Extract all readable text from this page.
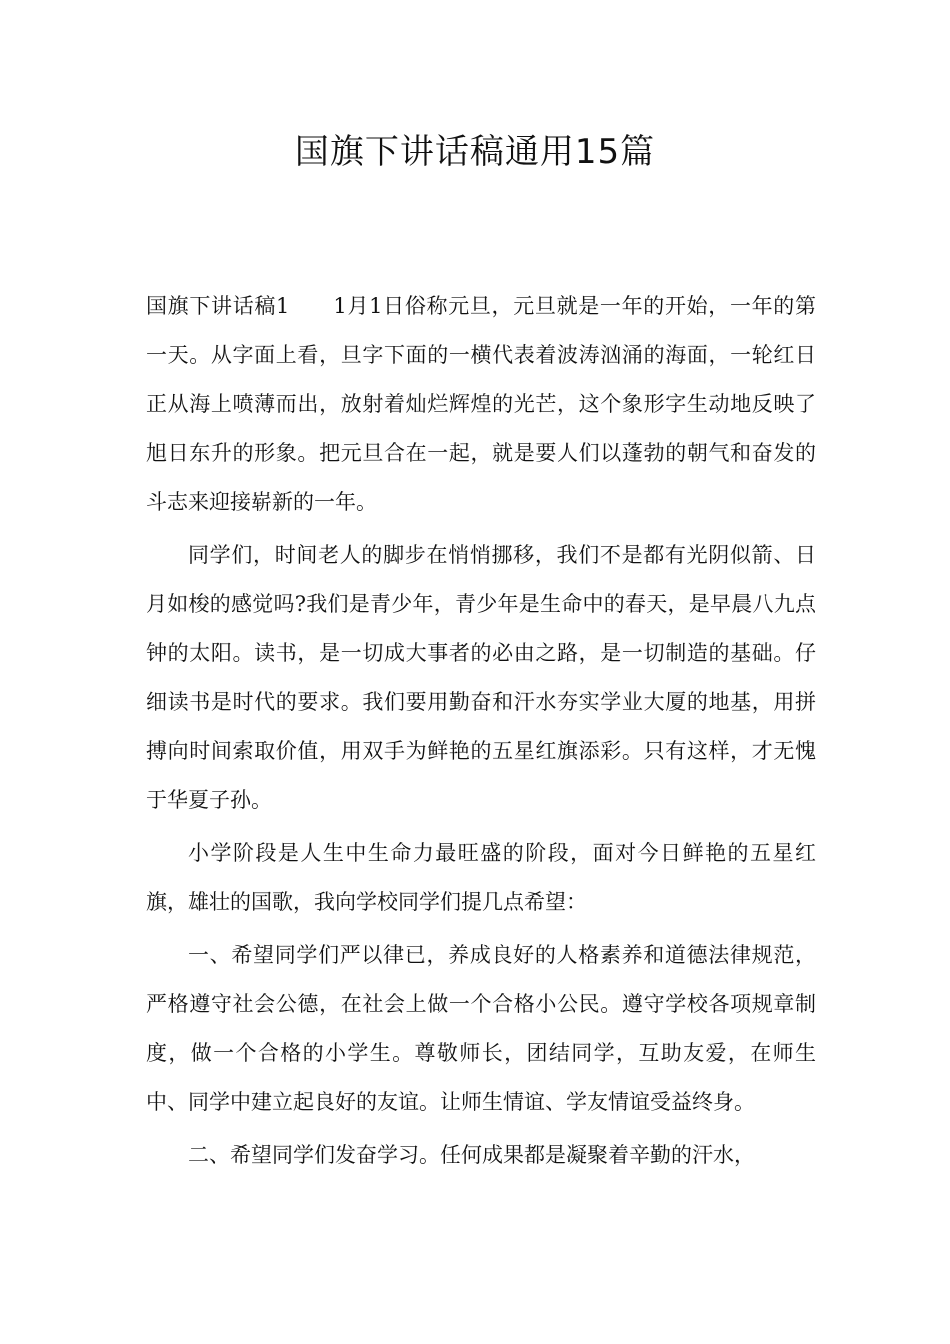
国旗下讲话稿通用15篇

国旗下讲话稿1　　1月1日俗称元旦，元旦就是一年的开始，一年的第一天。从字面上看，旦字下面的一横代表着波涛汹涌的海面，一轮红日正从海上喷薄而出，放射着灿烂辉煌的光芒，这个象形字生动地反映了旭日东升的形象。把元旦合在一起，就是要人们以蓬勃的朝气和奋发的斗志来迎接崭新的一年。

同学们，时间老人的脚步在悄悄挪移，我们不是都有光阴似箭、日月如梭的感觉吗?我们是青少年，青少年是生命中的春天，是早晨八九点钟的太阳。读书，是一切成大事者的必由之路，是一切制造的基础。仔细读书是时代的要求。我们要用勤奋和汗水夯实学业大厦的地基，用拼搏向时间索取价值，用双手为鲜艳的五星红旗添彩。只有这样，才无愧于华夏子孙。

小学阶段是人生中生命力最旺盛的阶段，面对今日鲜艳的五星红旗，雄壮的国歌，我向学校同学们提几点希望：

一、希望同学们严以律已，养成良好的人格素养和道德法律规范，严格遵守社会公德，在社会上做一个合格小公民。遵守学校各项规章制度，做一个合格的小学生。尊敬师长，团结同学，互助友爱，在师生中、同学中建立起良好的友谊。让师生情谊、学友情谊受益终身。

二、希望同学们发奋学习。任何成果都是凝聚着辛勤的汗水，
